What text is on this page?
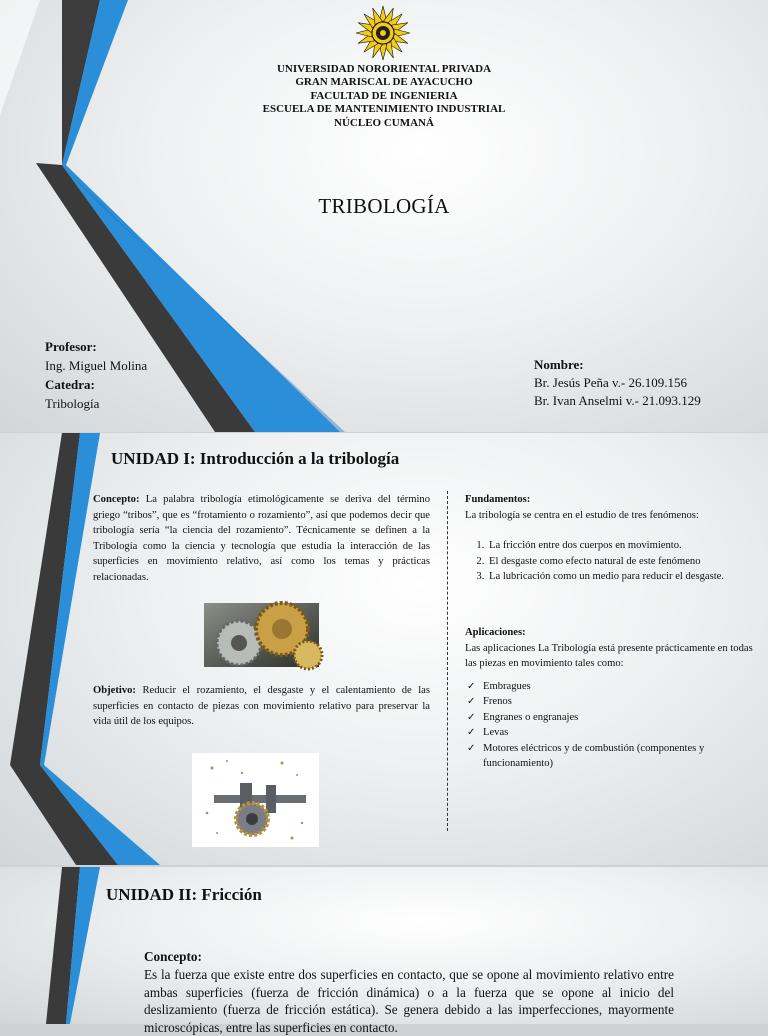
UNIVERSIDAD NORORIENTAL PRIVADA
GRAN MARISCAL DE AYACUCHO
FACULTAD DE INGENIERIA
ESCUELA DE MANTENIMIENTO INDUSTRIAL
NÚCLEO CUMANÁ
TRIBOLOGÍA
Profesor:
Ing. Miguel Molina
Catedra:
Tribología
Nombre:
Br. Jesús Peña v.- 26.109.156
Br. Ivan Anselmi v.- 21.093.129
UNIDAD I: Introducción a la tribología
Concepto: La palabra tribología etimológicamente se deriva del término griego “tribos”, que es “frotamiento o rozamiento”, así que podemos decir que tribología sería “la ciencia del rozamiento”. Técnicamente se definen a la Tribología como la ciencia y tecnología que estudia la interacción de las superficies en movimiento relativo, así como los temas y prácticas relacionadas.
Objetivo: Reducir el rozamiento, el desgaste y el calentamiento de las superficies en contacto de piezas con movimiento relativo para preservar la vida útil de los equipos.
Fundamentos:
La tribología se centra en el estudio de tres fenómenos:
1. La fricción entre dos cuerpos en movimiento.
2. El desgaste como efecto natural de este fenómeno
3. La lubricación como un medio para reducir el desgaste.
Aplicaciones:
Las aplicaciones La Tribología está presente prácticamente en todas las piezas en movimiento tales como:
✓ Embragues
✓ Frenos
✓ Engranes o engranajes
✓ Levas
✓ Motores eléctricos y de combustión (componentes y funcionamiento)
UNIDAD II: Fricción
Concepto:
Es la fuerza que existe entre dos superficies en contacto, que se opone al movimiento relativo entre ambas superficies (fuerza de fricción dinámica) o a la fuerza que se opone al inicio del deslizamiento (fuerza de fricción estática). Se genera debido a las imperfecciones, mayormente microscópicas, entre las superficies en contacto.
